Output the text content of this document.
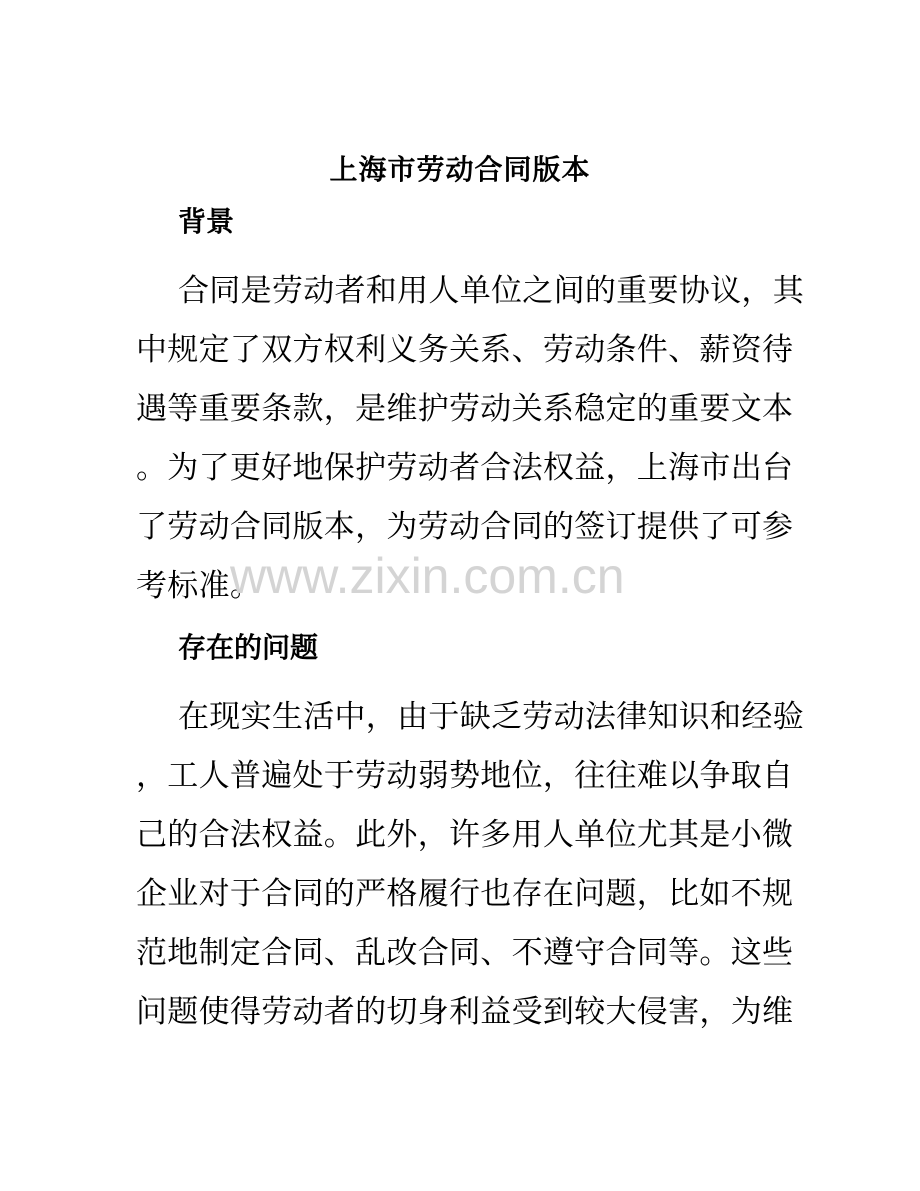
上海市劳动合同版本
背景
合同是劳动者和用人单位之间的重要协议，其
中规定了双方权利义务关系、劳动条件、薪资待
遇等重要条款，是维护劳动关系稳定的重要文本
。为了更好地保护劳动者合法权益，上海市出台
了劳动合同版本，为劳动合同的签订提供了可参
考标准。
存在的问题
在现实生活中，由于缺乏劳动法律知识和经验
，工人普遍处于劳动弱势地位，往往难以争取自
己的合法权益。此外，许多用人单位尤其是小微
企业对于合同的严格履行也存在问题，比如不规
范地制定合同、乱改合同、不遵守合同等。这些
问题使得劳动者的切身利益受到较大侵害，为维
www.zixin.com.cn
